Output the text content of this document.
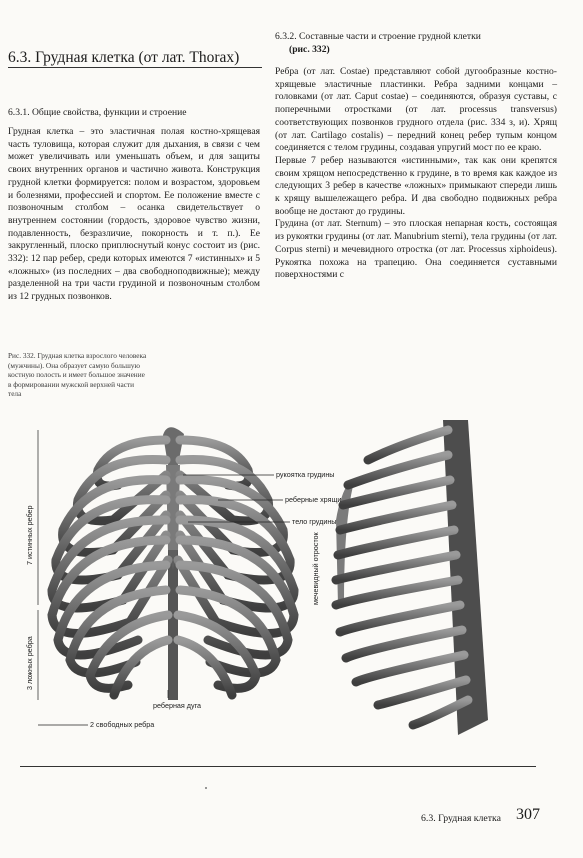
6.3. Грудная клетка (от лат. Thorax)
6.3.1. Общие свойства, функции и строение

Грудная клетка – это эластичная полая костно-хрящевая часть туловища, которая служит для дыхания, в связи с чем может увеличивать или уменьшать объем, и для защиты своих внутренних органов и частично живота. Конструкция грудной клетки формируется: полом и возрастом, здоровьем и болезнями, профессией и спортом. Ее положение вместе с позвоночным столбом – осанка свидетельствует о внутреннем состоянии (гордость, здоровое чувство жизни, подавленность, безразличие, покорность и т. п.). Ее закругленный, плоско приплюснутый конус состоит из (рис. 332): 12 пар ребер, среди которых имеются 7 «истинных» и 5 «ложных» (из последних – два свободноподвижные); между разделенной на три части грудиной и позвоночным столбом из 12 грудных позвонков.

6.3.2. Составные части и строение грудной клетки
(рис. 332)

Ребра (от лат. Costae) представляют собой дугообразные костно-хрящевые эластичные пластинки. Ребра задними концами – головками (от лат. Caput costae) – соединяются, образуя суставы, с поперечными отростками (от лат. processus transversus) соответствующих позвонков грудного отдела (рис. 334 з, и). Хрящ (от лат. Cartilago costalis) – передний конец ребер тупым концом соединяется с телом грудины, создавая упругий мост по ее краю.

Первые 7 ребер называются «истинными», так как они крепятся своим хрящом непосредственно к грудине, в то время как каждое из следующих 3 ребер в качестве «ложных» примыкают спереди лишь к хрящу вышележащего ребра. И два свободно подвижных ребра вообще не достают до грудины.

Грудина (от лат. Sternum) – это плоская непарная кость, состоящая из рукоятки грудины (от лат. Manubrium sterni), тела грудины (от лат. Corpus sterni) и мечевидного отростка (от лат. Processus xiphoideus). Рукоятка похожа на трапецию. Она соединяется суставными поверхностями с

Рис. 332. Грудная клетка взрослого человека (мужчины). Она образует самую большую костную полость и имеет большое значение в формировании мужской верхней части тела
рукоятка грудины
реберные хрящи
тело грудины
реберная дуга
2 свободных ребра
7 истинных ребер
3 ложных ребра
мечевидный отросток
6.3. Грудная клетка 307
